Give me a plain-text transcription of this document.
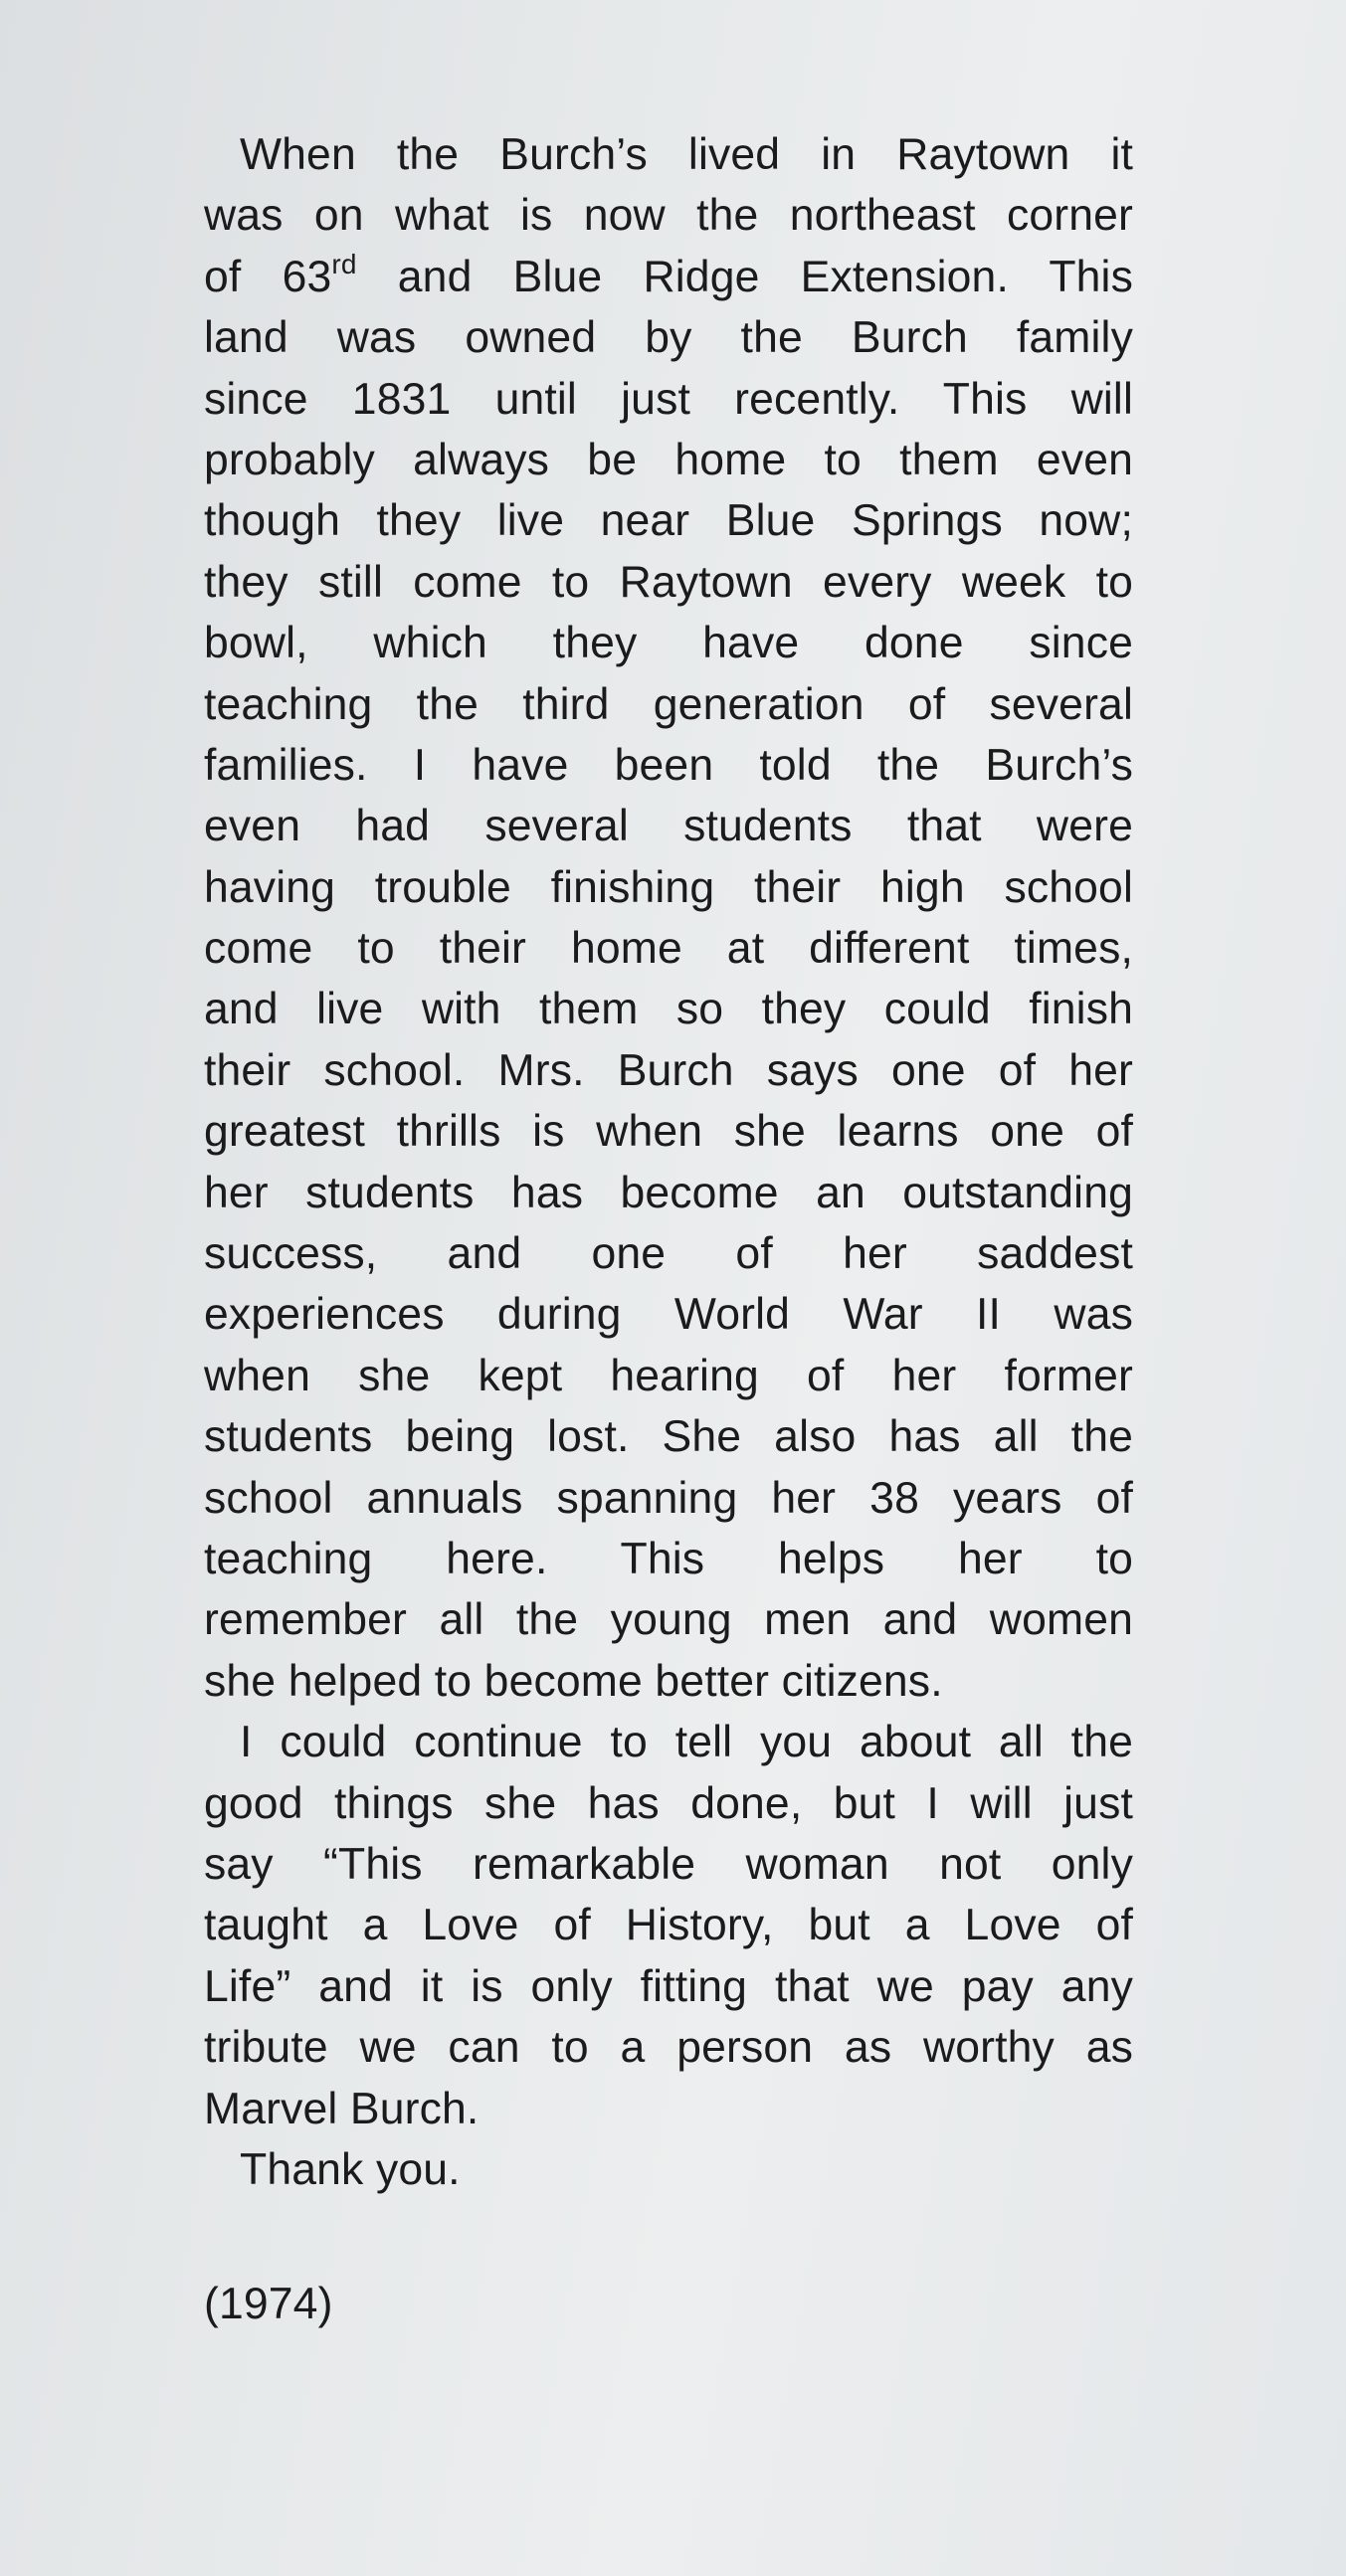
When the Burch’s lived in Raytown it
was on what is now the northeast corner
of 63rd and Blue Ridge Extension. This
land was owned by the Burch family
since 1831 until just recently. This will
probably always be home to them even
though they live near Blue Springs now;
they still come to Raytown every week to
bowl, which they have done since
teaching the third generation of several
families. I have been told the Burch’s
even had several students that were
having trouble finishing their high school
come to their home at different times,
and live with them so they could finish
their school. Mrs. Burch says one of her
greatest thrills is when she learns one of
her students has become an outstanding
success, and one of her saddest
experiences during World War II was
when she kept hearing of her former
students being lost. She also has all the
school annuals spanning her 38 years of
teaching here. This helps her to
remember all the young men and women
she helped to become better citizens.
I could continue to tell you about all the
good things she has done, but I will just
say “This remarkable woman not only
taught a Love of History, but a Love of
Life” and it is only fitting that we pay any
tribute we can to a person as worthy as
Marvel Burch.
Thank you.
(1974)
